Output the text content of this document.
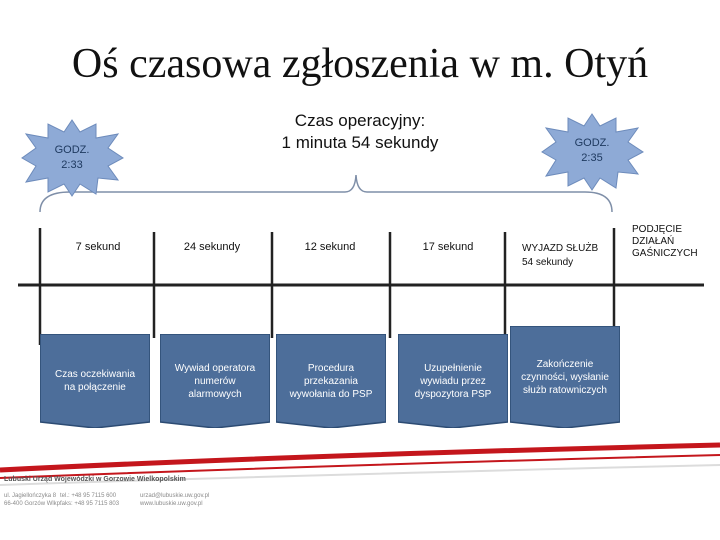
Oś czasowa zgłoszenia w m. Otyń
Czas operacyjny:
1 minuta 54 sekundy
GODZ.
2:33
GODZ.
2:35
7 sekund	24 sekundy	12 sekund	17 sekund	WYJAZD SŁUŻB
54 sekundy
PODJĘCIE
DZIAŁAŃ
GAŚNICZYCH
Czas oczekiwania na połączenie
Wywiad operatora numerów alarmowych
Procedura przekazania wywołania do PSP
Uzupełnienie wywiadu przez dyspozytora PSP
Zakończenie czynności, wysłanie służb ratowniczych
Lubuski Urząd Wojewódzki w Gorzowie Wielkopolskim
ul. Jagiellończyka 8
66-400 Gorzów Wlkp.
tel.: +48 95 7115 600
faks: +48 95 7115 803
urzad@lubuskie.uw.gov.pl
www.lubuskie.uw.gov.pl
